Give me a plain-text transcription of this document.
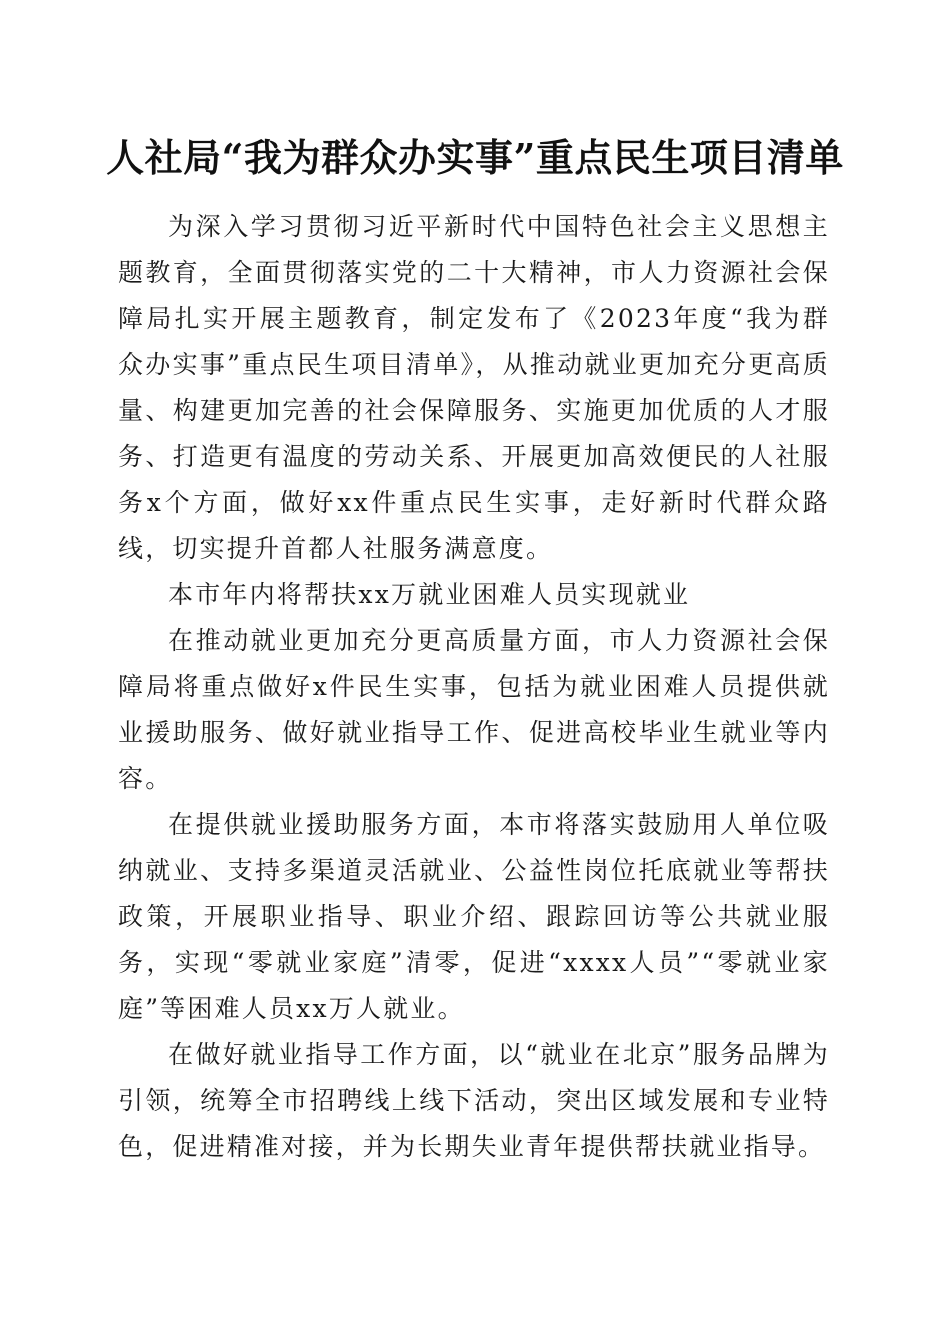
人社局“我为群众办实事”重点民生项目清单

为深入学习贯彻习近平新时代中国特色社会主义思想主题教育，全面贯彻落实党的二十大精神，市人力资源社会保障局扎实开展主题教育，制定发布了《2023年度“我为群众办实事”重点民生项目清单》，从推动就业更加充分更高质量、构建更加完善的社会保障服务、实施更加优质的人才服务、打造更有温度的劳动关系、开展更加高效便民的人社服务x个方面，做好xx件重点民生实事，走好新时代群众路线，切实提升首都人社服务满意度。

本市年内将帮扶xx万就业困难人员实现就业

在推动就业更加充分更高质量方面，市人力资源社会保障局将重点做好x件民生实事，包括为就业困难人员提供就业援助服务、做好就业指导工作、促进高校毕业生就业等内容。

在提供就业援助服务方面，本市将落实鼓励用人单位吸纳就业、支持多渠道灵活就业、公益性岗位托底就业等帮扶政策，开展职业指导、职业介绍、跟踪回访等公共就业服务，实现“零就业家庭”清零，促进“xxxx人员”“零就业家庭”等困难人员xx万人就业。

在做好就业指导工作方面，以“就业在北京”服务品牌为引领，统筹全市招聘线上线下活动，突出区域发展和专业特色，促进精准对接，并为长期失业青年提供帮扶就业指导。
